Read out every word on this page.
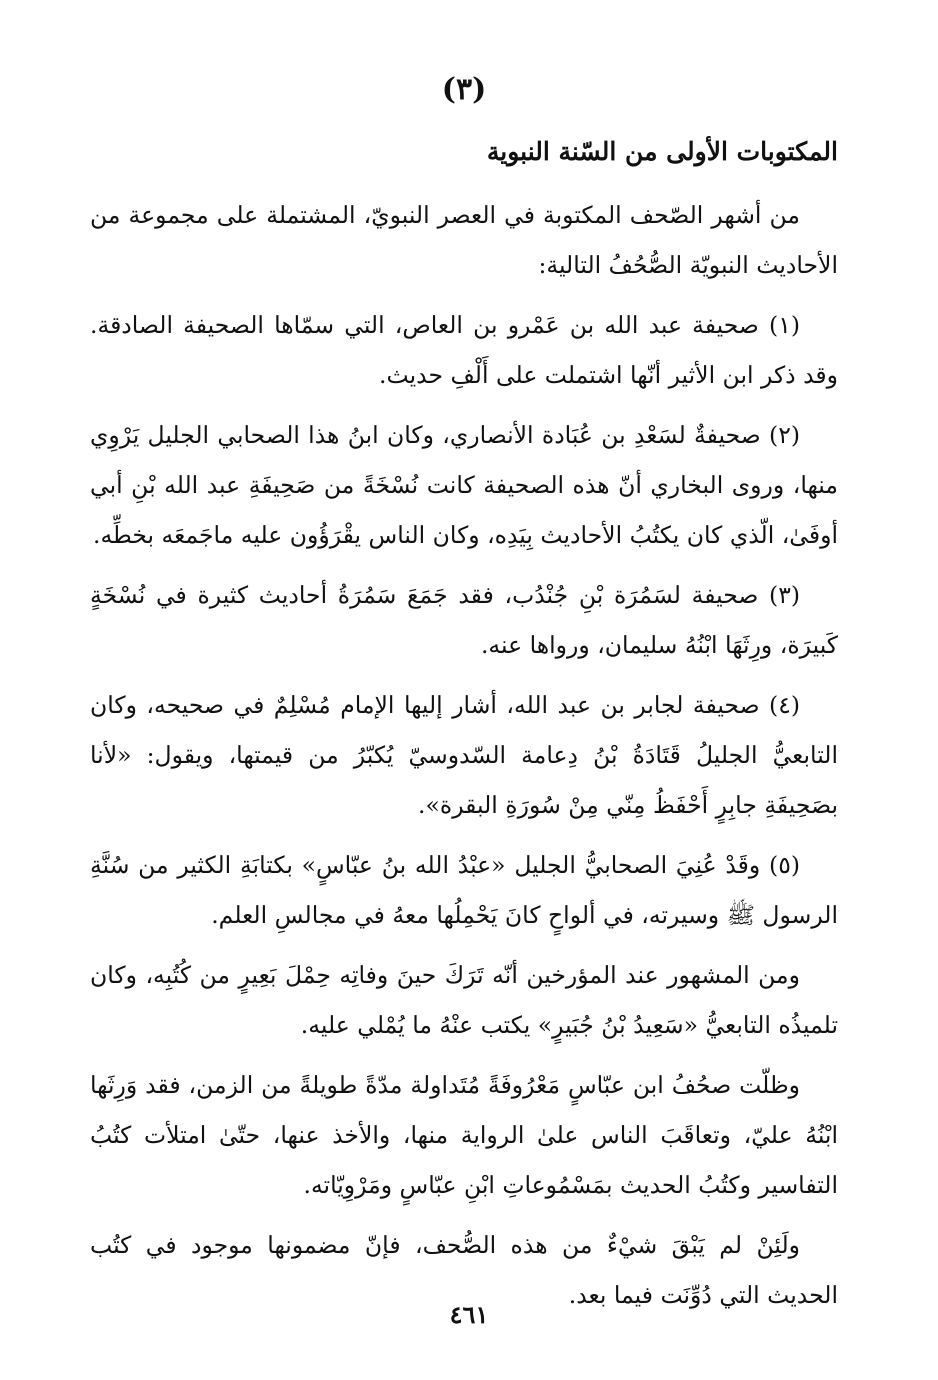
(٣)
المكتوبات الأولى من السّنة النبوية

من أشهر الصّحف المكتوبة في العصر النبويّ، المشتملة على مجموعة من الأحاديث النبويّة الصُّحُفُ التالية:

(١) صحيفة عبد الله بن عَمْرو بن العاص، التي سمّاها الصحيفة الصادقة. وقد ذكر ابن الأثير أنّها اشتملت على أَلْفِ حديث.

(٢) صحيفةٌ لسَعْدِ بن عُبَادة الأنصاري، وكان ابنُ هذا الصحابي الجليل يَرْوِي منها، وروى البخاري أنّ هذه الصحيفة كانت نُسْخَةً من صَحِيفَةِ عبد الله بْنِ أبي أوفَىٰ، الّذي كان يكتُبُ الأحاديث بِيَدِه، وكان الناس يقْرَؤُون عليه ماجَمعَه بخطِّه.

(٣) صحيفة لسَمُرَة بْنِ جُنْدُب، فقد جَمَعَ سَمُرَةُ أحاديث كثيرة في نُسْخَةٍ كَبيرَة، ورِثَهَا ابْنُهُ سليمان، ورواها عنه.

(٤) صحيفة لجابر بن عبد الله، أشار إليها الإمام مُسْلِمٌ في صحيحه، وكان التابعيُّ الجليلُ قَتَادَةُ بْنُ دِعامة السّدوسيّ يُكبّرُ من قيمتها، ويقول: «لأنا بصَحِيفَةِ جابِرٍ أَحْفَظُ مِنّي مِنْ سُورَةِ البقرة».

(٥) وقَدْ عُنِيَ الصحابيُّ الجليل «عبْدُ الله بنُ عبّاسٍ» بكتابَةِ الكثير من سُنَّةِ الرسول ﷺ وسيرته، في ألواحٍ كانَ يَحْمِلُها معهُ في مجالسِ العلم.

ومن المشهور عند المؤرخين أنّه تَرَكَ حينَ وفاتِه حِمْلَ بَعِيرٍ من كُتُبِه، وكان تلميذُه التابعيُّ «سَعِيدُ بْنُ جُبَيرٍ» يكتب عنْهُ ما يُمْلي عليه.

وظلّت صحُفُ ابن عبّاسٍ مَعْرُوفَةً مُتَداولة مدّةً طويلةً من الزمن، فقد وَرِثَها ابْنُهُ عليّ، وتعاقَبَ الناس علىٰ الرواية منها، والأخذ عنها، حتّىٰ امتلأت كتُبُ التفاسير وكتُبُ الحديث بمَسْمُوعاتِ ابْنِ عبّاسٍ ومَرْوِيّاته.

ولَئِنْ لم يَبْقَ شيْءٌ من هذه الصُّحف، فإنّ مضمونها موجود في كتُب الحديث التي دُوِّنَت فيما بعد.

٤٦١
